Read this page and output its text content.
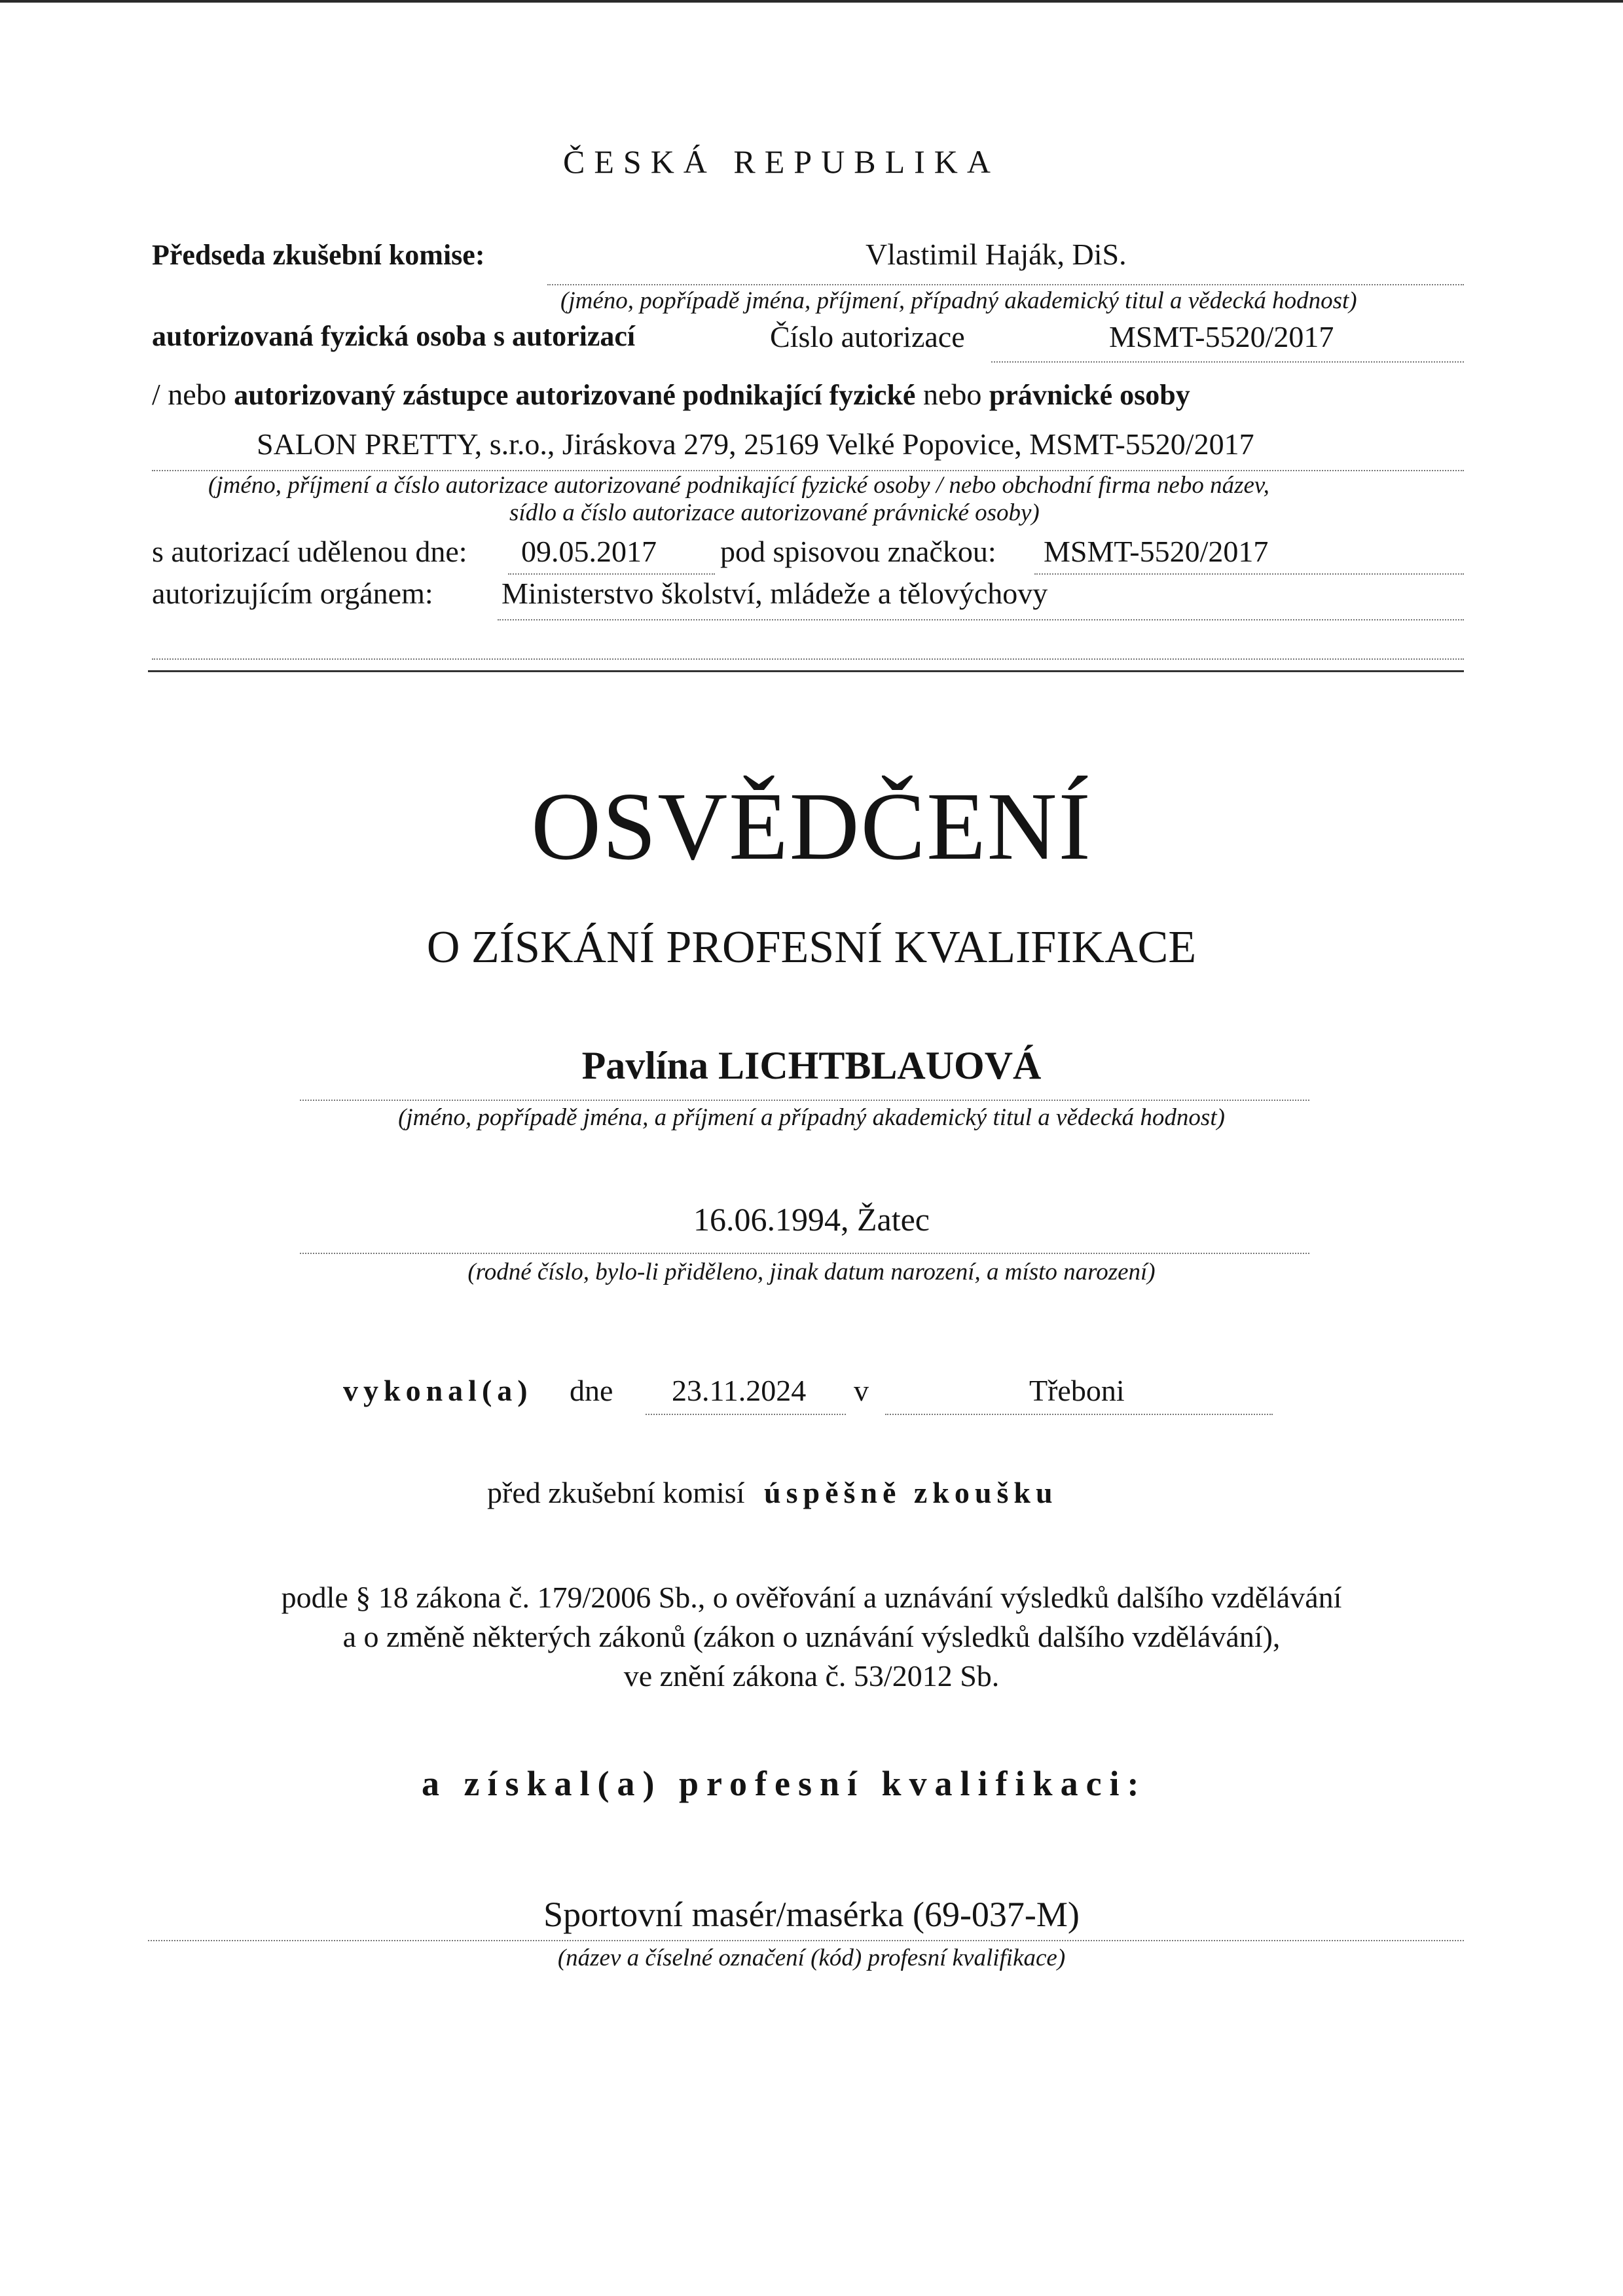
ČESKÁ REPUBLIKA
Předseda zkušební komise:	Vlastimil Haják, DiS.
(jméno, popřípadě jména, příjmení, případný akademický titul a vědecká hodnost)
autorizovaná fyzická osoba s autorizací	Číslo autorizace	MSMT-5520/2017
/ nebo autorizovaný zástupce autorizované podnikající fyzické nebo právnické osoby
SALON PRETTY, s.r.o., Jiráskova 279, 25169 Velké Popovice, MSMT-5520/2017
(jméno, příjmení a číslo autorizace autorizované podnikající fyzické osoby / nebo obchodní firma nebo název,
sídlo a číslo autorizace autorizované právnické osoby)
s autorizací udělenou dne: 09.05.2017 pod spisovou značkou: MSMT-5520/2017
autorizujícím orgánem: Ministerstvo školství, mládeže a tělovýchovy
OSVĚDČENÍ
O ZÍSKÁNÍ PROFESNÍ KVALIFIKACE
Pavlína LICHTBLAUOVÁ
(jméno, popřípadě jména, a příjmení a případný akademický titul a vědecká hodnost)
16.06.1994, Žatec
(rodné číslo, bylo-li přiděleno, jinak datum narození, a místo narození)
vykonal(a) dne 23.11.2024 v	Třeboni
před zkušební komisí úspěšně zkoušku
podle § 18 zákona č. 179/2006 Sb., o ověřování a uznávání výsledků dalšího vzdělávání
a o změně některých zákonů (zákon o uznávání výsledků dalšího vzdělávání),
ve znění zákona č. 53/2012 Sb.
a získal(a) profesní kvalifikaci:
Sportovní masér/masérka (69-037-M)
(název a číselné označení (kód) profesní kvalifikace)
